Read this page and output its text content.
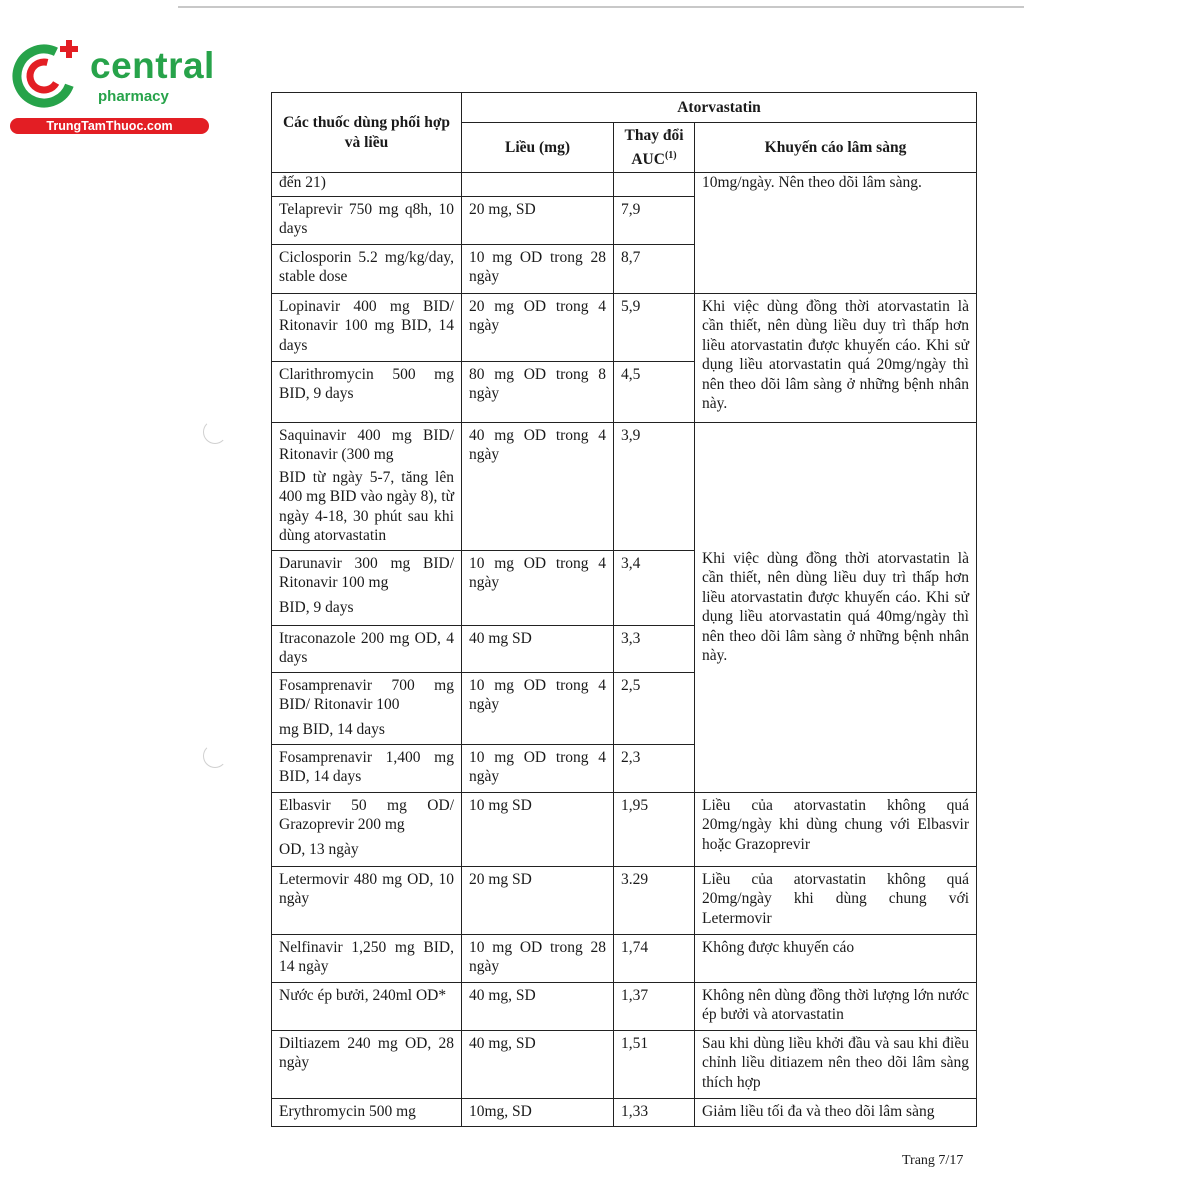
central
pharmacy
TrungTamThuoc.com	Các thuốc dùng phối hợp và liều	Atorvastatin		
	Liều (mg)	Thay đổi AUC$^{(1)}$	Khuyến cáo lâm sàng
đến 21)			10mg/ngày. Nên theo dõi lâm sàng.
Telaprevir 750 mg q8h, 10 days	20 mg, SD	7,9	
Ciclosporin 5.2 mg/kg/day, stable dose	10 mg OD trong 28 ngày	8,7	
Lopinavir 400 mg BID/ Ritonavir 100 mg BID, 14 days	20 mg OD trong 4 ngày	5,9	Khi việc dùng đồng thời atorvastatin là cần thiết, nên dùng liều duy trì thấp hơn liều atorvastatin được khuyến cáo. Khi sử dụng liều atorvastatin quá 20mg/ngày thì nên theo dõi lâm sàng ở những bệnh nhân này.
Clarithromycin 500 mg BID, 9 days	80 mg OD trong 8 ngày	4,5	

Saquinavir 400 mg BID/ Ritonavir (300 mg
BID từ ngày 5-7, tăng lên 400 mg BID vào ngày 8), từ ngày 4-18, 30 phút sau khi dùng atorvastatin	40 mg OD trong 4 ngày	3,9	Khi việc dùng đồng thời atorvastatin là cần thiết, nên dùng liều duy trì thấp hơn liều atorvastatin được khuyến cáo. Khi sử dụng liều atorvastatin quá 40mg/ngày thì nên theo dõi lâm sàng ở những bệnh nhân này.

Darunavir 300 mg BID/ Ritonavir 100 mg
BID, 9 days	10 mg OD trong 4 ngày	3,4	
Itraconazole 200 mg OD, 4 days	40 mg SD	3,3	

Fosamprenavir 700 mg BID/ Ritonavir 100
mg BID, 14 days	10 mg OD trong 4 ngày	2,5	
Fosamprenavir 1,400 mg BID, 14 days	10 mg OD trong 4 ngày	2,3	

Elbasvir 50 mg OD/ Grazoprevir 200 mg
OD, 13 ngày	10 mg SD	1,95	Liều của atorvastatin không quá 20mg/ngày khi dùng chung với Elbasvir hoặc Grazoprevir
Letermovir 480 mg OD, 10 ngày	20 mg SD	3.29	Liều của atorvastatin không quá 20mg/ngày khi dùng chung với Letermovir
Nelfinavir 1,250 mg BID, 14 ngày	10 mg OD trong 28 ngày	1,74	Không được khuyến cáo
Nước ép bưởi, 240ml OD*	40 mg, SD	1,37	Không nên dùng đồng thời lượng lớn nước ép bưởi và atorvastatin
Diltiazem 240 mg OD, 28 ngày	40 mg, SD	1,51	Sau khi dùng liều khởi đầu và sau khi điều chỉnh liều ditiazem nên theo dõi lâm sàng thích hợp
Erythromycin 500 mg	10mg, SD	1,33	Giảm liều tối đa và theo dõi lâm sàng
Trang 7/17
